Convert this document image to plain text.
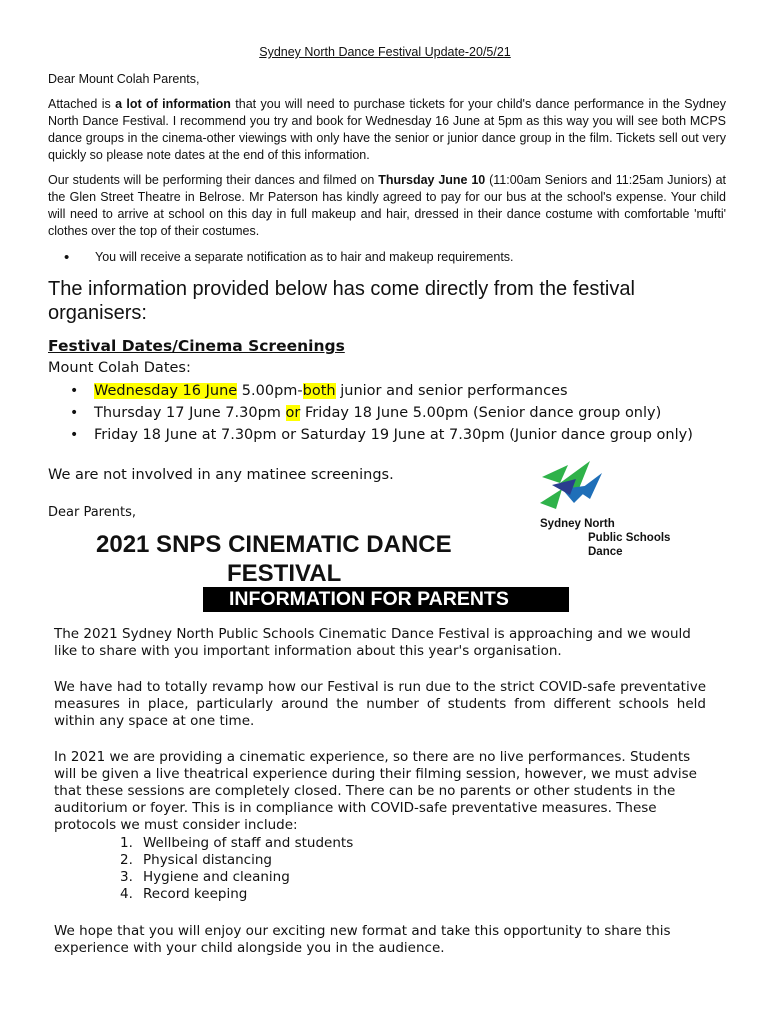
Sydney North Dance Festival Update-20/5/21
Dear Mount Colah Parents,
Attached is a lot of information that you will need to purchase tickets for your child's dance performance in the Sydney North Dance Festival. I recommend you try and book for Wednesday 16 June at 5pm as this way you will see both MCPS dance groups in the cinema-other viewings with only have the senior or junior dance group in the film. Tickets sell out very quickly so please note dates at the end of this information.
Our students will be performing their dances and filmed on Thursday June 10 (11:00am Seniors and 11:25am Juniors) at the Glen Street Theatre in Belrose. Mr Paterson has kindly agreed to pay for our bus at the school's expense. Your child will need to arrive at school on this day in full makeup and hair, dressed in their dance costume with comfortable 'mufti' clothes over the top of their costumes.
• You will receive a separate notification as to hair and makeup requirements.
The information provided below has come directly from the festival organisers:
Festival Dates/Cinema Screenings
Mount Colah Dates:
• Wednesday 16 June 5.00pm-both junior and senior performances
• Thursday 17 June 7.30pm or Friday 18 June 5.00pm (Senior dance group only)
• Friday 18 June at 7.30pm or Saturday 19 June at 7.30pm (Junior dance group only)
We are not involved in any matinee screenings.
Dear Parents,
2021 SNPS CINEMATIC DANCE
FESTIVAL
INFORMATION FOR PARENTS
Sydney North
Public Schools
Dance
The 2021 Sydney North Public Schools Cinematic Dance Festival is approaching and we would like to share with you important information about this year's organisation.
We have had to totally revamp how our Festival is run due to the strict COVID-safe preventative measures in place, particularly around the number of students from different schools held within any space at one time.
In 2021 we are providing a cinematic experience, so there are no live performances. Students will be given a live theatrical experience during their filming session, however, we must advise that these sessions are completely closed. There can be no parents or other students in the auditorium or foyer. This is in compliance with COVID-safe preventative measures. These protocols we must consider include:
1. Wellbeing of staff and students
2. Physical distancing
3. Hygiene and cleaning
4. Record keeping
We hope that you will enjoy our exciting new format and take this opportunity to share this experience with your child alongside you in the audience.
